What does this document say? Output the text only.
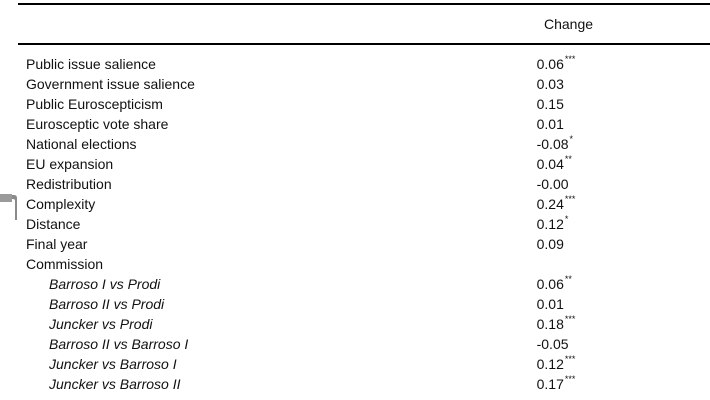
Change
Public issue salience	0.06***
Government issue salience	0.03
Public Euroscepticism	0.15
Eurosceptic vote share	0.01
National elections	-0.08*
EU expansion	0.04**
Redistribution	-0.00
Complexity	0.24***
Distance	0.12*
Final year	0.09
Commission	
Barroso I vs Prodi	0.06**
Barroso II vs Prodi	0.01
Juncker vs Prodi	0.18***
Barroso II vs Barroso I	-0.05
Juncker vs Barroso I	0.12***
Juncker vs Barroso II	0.17***
